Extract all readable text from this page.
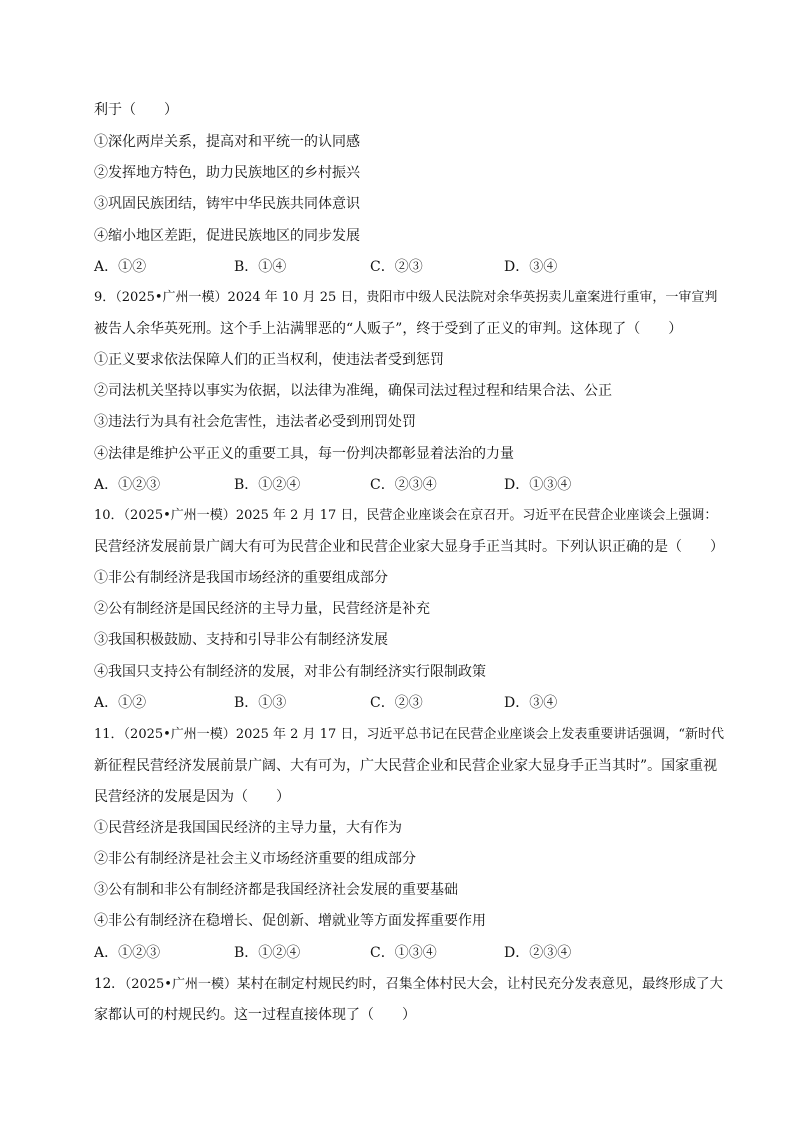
利于（　　）
①深化两岸关系，提高对和平统一的认同感
②发挥地方特色，助力民族地区的乡村振兴
③巩固民族团结，铸牢中华民族共同体意识
④缩小地区差距，促进民族地区的同步发展
A．①②	B．①④	C．②③	D．③④
9．（2025•广州一模）2024 年 10 月 25 日，贵阳市中级人民法院对余华英拐卖儿童案进行重审，一审宣判
被告人余华英死刑。这个手上沾满罪恶的“人贩子”，终于受到了正义的审判。这体现了（　　）
①正义要求依法保障人们的正当权利，使违法者受到惩罚
②司法机关坚持以事实为依据，以法律为准绳，确保司法过程过程和结果合法、公正
③违法行为具有社会危害性，违法者必受到刑罚处罚
④法律是维护公平正义的重要工具，每一份判决都彰显着法治的力量
A．①②③	B．①②④	C．②③④	D．①③④
10．（2025•广州一模）2025 年 2 月 17 日，民营企业座谈会在京召开。习近平在民营企业座谈会上强调：
民营经济发展前景广阔大有可为民营企业和民营企业家大显身手正当其时。下列认识正确的是（　　）
①非公有制经济是我国市场经济的重要组成部分
②公有制经济是国民经济的主导力量，民营经济是补充
③我国积极鼓励、支持和引导非公有制经济发展
④我国只支持公有制经济的发展，对非公有制经济实行限制政策
A．①②	B．①③	C．②③	D．③④
11．（2025•广州一模）2025 年 2 月 17 日，习近平总书记在民营企业座谈会上发表重要讲话强调，“新时代
新征程民营经济发展前景广阔、大有可为，广大民营企业和民营企业家大显身手正当其时”。国家重视
民营经济的发展是因为（　　）
①民营经济是我国国民经济的主导力量，大有作为
②非公有制经济是社会主义市场经济重要的组成部分
③公有制和非公有制经济都是我国经济社会发展的重要基础
④非公有制经济在稳增长、促创新、增就业等方面发挥重要作用
A．①②③	B．①②④	C．①③④	D．②③④
12．（2025•广州一模）某村在制定村规民约时，召集全体村民大会，让村民充分发表意见，最终形成了大
家都认可的村规民约。这一过程直接体现了（　　）
